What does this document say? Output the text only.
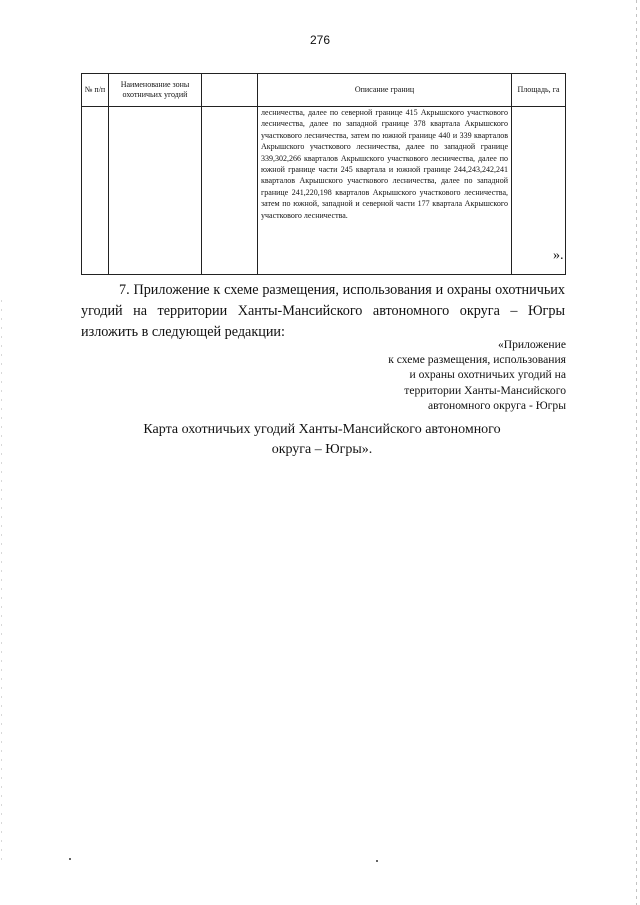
276
№ п/п	Наименование зоны охотничьих угодий		Описание границ	Площадь, га
			лесничества, далее по северной границе 415 Акрышского участкового лесничества, далее по западной границе 378 квартала Акрышского участкового лесничества, затем по южной границе 440 и 339 кварталов Акрышского участкового лесничества, далее по западной границе 339,302,266 кварталов Акрышского участкового лесничества, далее по южной границе части 245 квартала и южной границе 244,243,242,241 кварталов Акрышского участкового лесничества, далее по западной границе 241,220,198 кварталов Акрышского участкового лесничества, затем по южной, западной и северной части 177 квартала Акрышского участкового лесничества.	
».
7. Приложение к схеме размещения, использования и охраны охотничьих угодий на территории Ханты-Мансийского автономного округа – Югры изложить в следующей редакции:
«Приложение
к схеме размещения, использования
и охраны охотничьих угодий на
территории Ханты-Мансийского
автономного округа - Югры
Карта охотничьих угодий Ханты-Мансийского автономного
округа – Югры».
